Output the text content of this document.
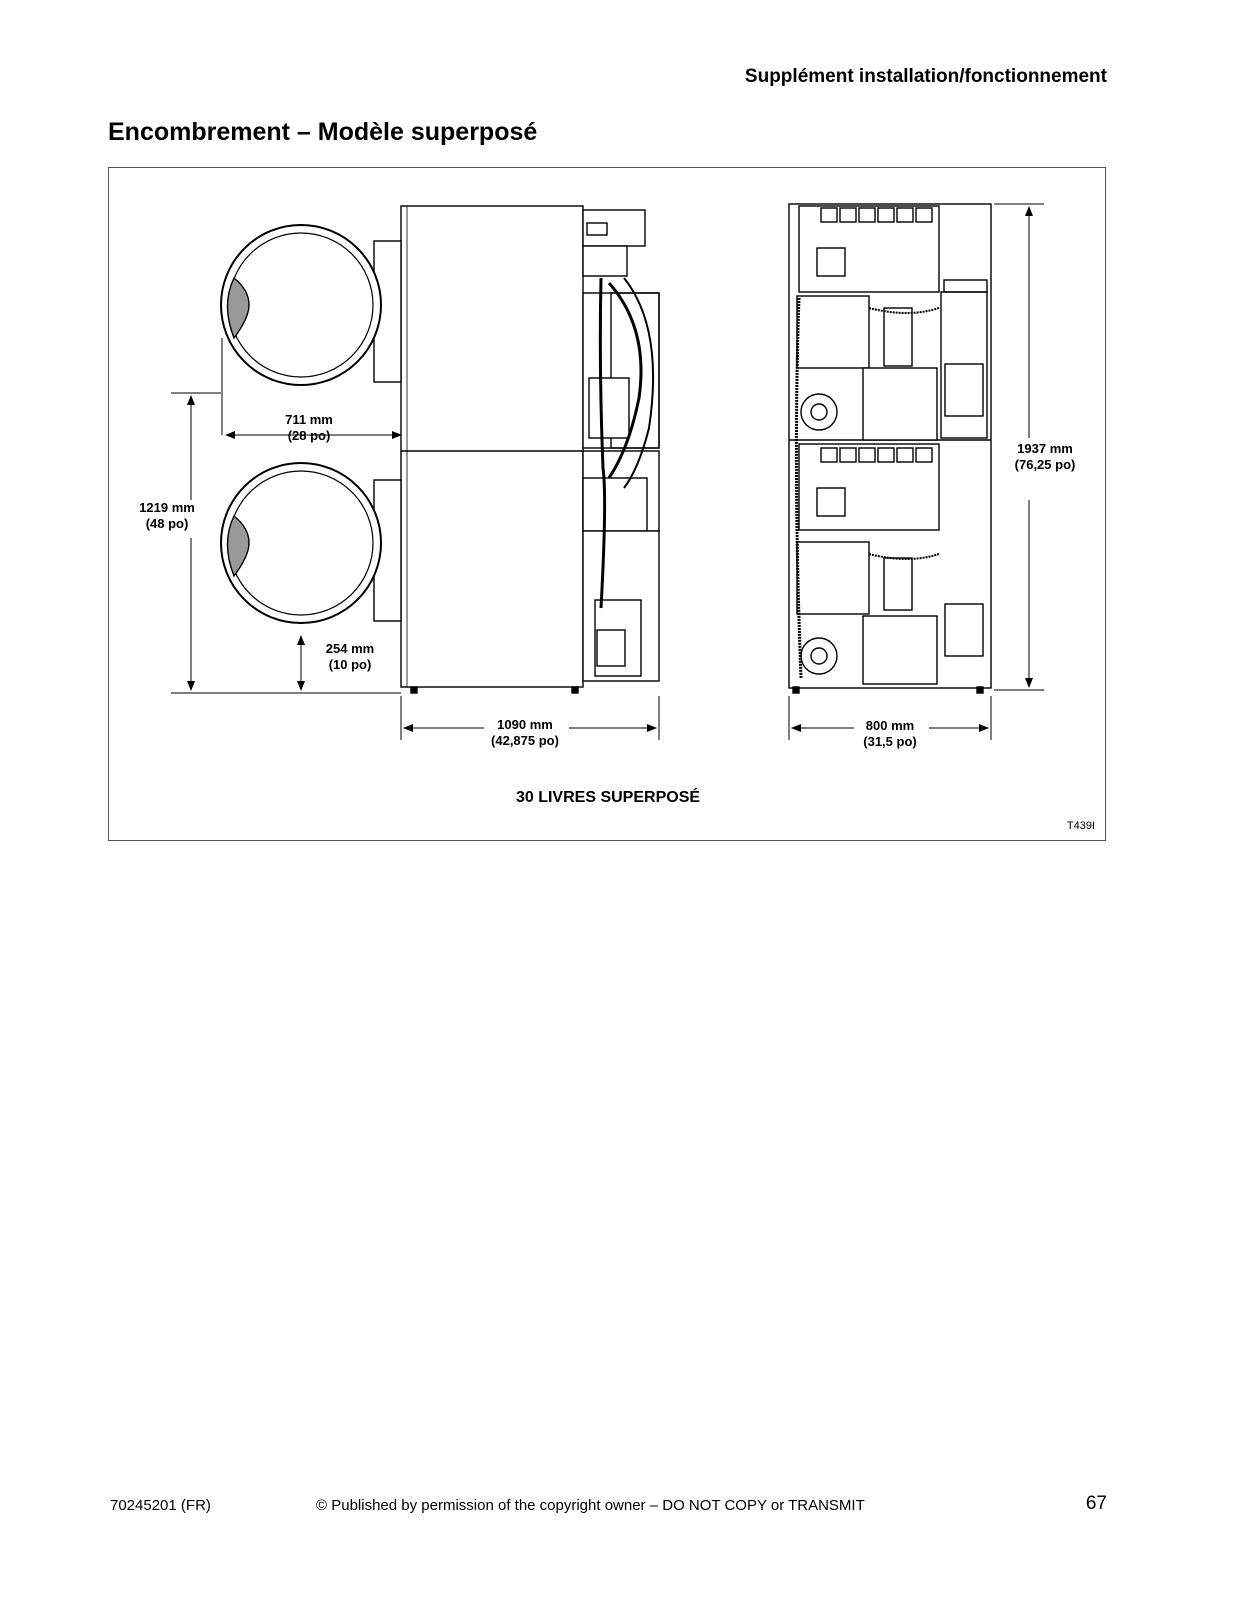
Supplément installation/fonctionnement
Encombrement – Modèle superposé
711 mm
(28 po)
1219 mm
(48 po)
254 mm
(10 po)
1090 mm
(42,875 po)
800 mm
(31,5 po)
1937 mm
(76,25 po)
30 LIVRES SUPERPOSÉ
T439I
70245201 (FR)	© Published by permission of the copyright owner – DO NOT COPY or TRANSMIT	67
